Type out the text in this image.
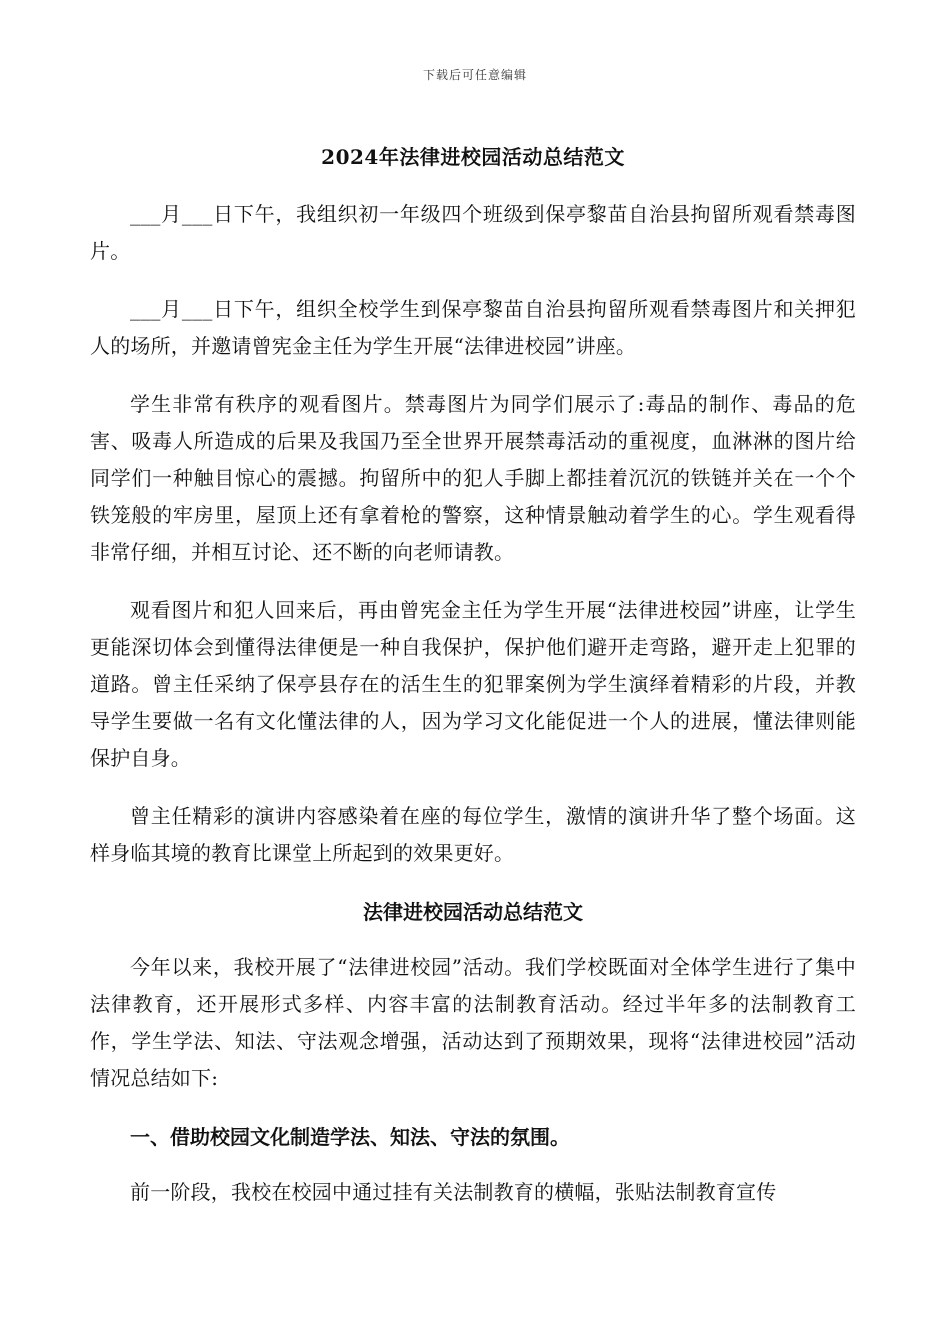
下载后可任意编辑
2024年法律进校园活动总结范文

___月___日下午，我组织初一年级四个班级到保亭黎苗自治县拘留所观看禁毒图片。

___月___日下午，组织全校学生到保亭黎苗自治县拘留所观看禁毒图片和关押犯人的场所，并邀请曾宪金主任为学生开展“法律进校园”讲座。

学生非常有秩序的观看图片。禁毒图片为同学们展示了:毒品的制作、毒品的危害、吸毒人所造成的后果及我国乃至全世界开展禁毒活动的重视度，血淋淋的图片给同学们一种触目惊心的震撼。拘留所中的犯人手脚上都挂着沉沉的铁链并关在一个个铁笼般的牢房里，屋顶上还有拿着枪的警察，这种情景触动着学生的心。学生观看得非常仔细，并相互讨论、还不断的向老师请教。

观看图片和犯人回来后，再由曾宪金主任为学生开展“法律进校园”讲座，让学生更能深切体会到懂得法律便是一种自我保护，保护他们避开走弯路，避开走上犯罪的道路。曾主任采纳了保亭县存在的活生生的犯罪案例为学生演绎着精彩的片段，并教导学生要做一名有文化懂法律的人，因为学习文化能促进一个人的进展，懂法律则能保护自身。

曾主任精彩的演讲内容感染着在座的每位学生，激情的演讲升华了整个场面。这样身临其境的教育比课堂上所起到的效果更好。

法律进校园活动总结范文

今年以来，我校开展了“法律进校园”活动。我们学校既面对全体学生进行了集中法律教育，还开展形式多样、内容丰富的法制教育活动。经过半年多的法制教育工作，学生学法、知法、守法观念增强，活动达到了预期效果，现将“法律进校园”活动情况总结如下:

一、借助校园文化制造学法、知法、守法的氛围。

前一阶段，我校在校园中通过挂有关法制教育的横幅，张贴法制教育宣传
